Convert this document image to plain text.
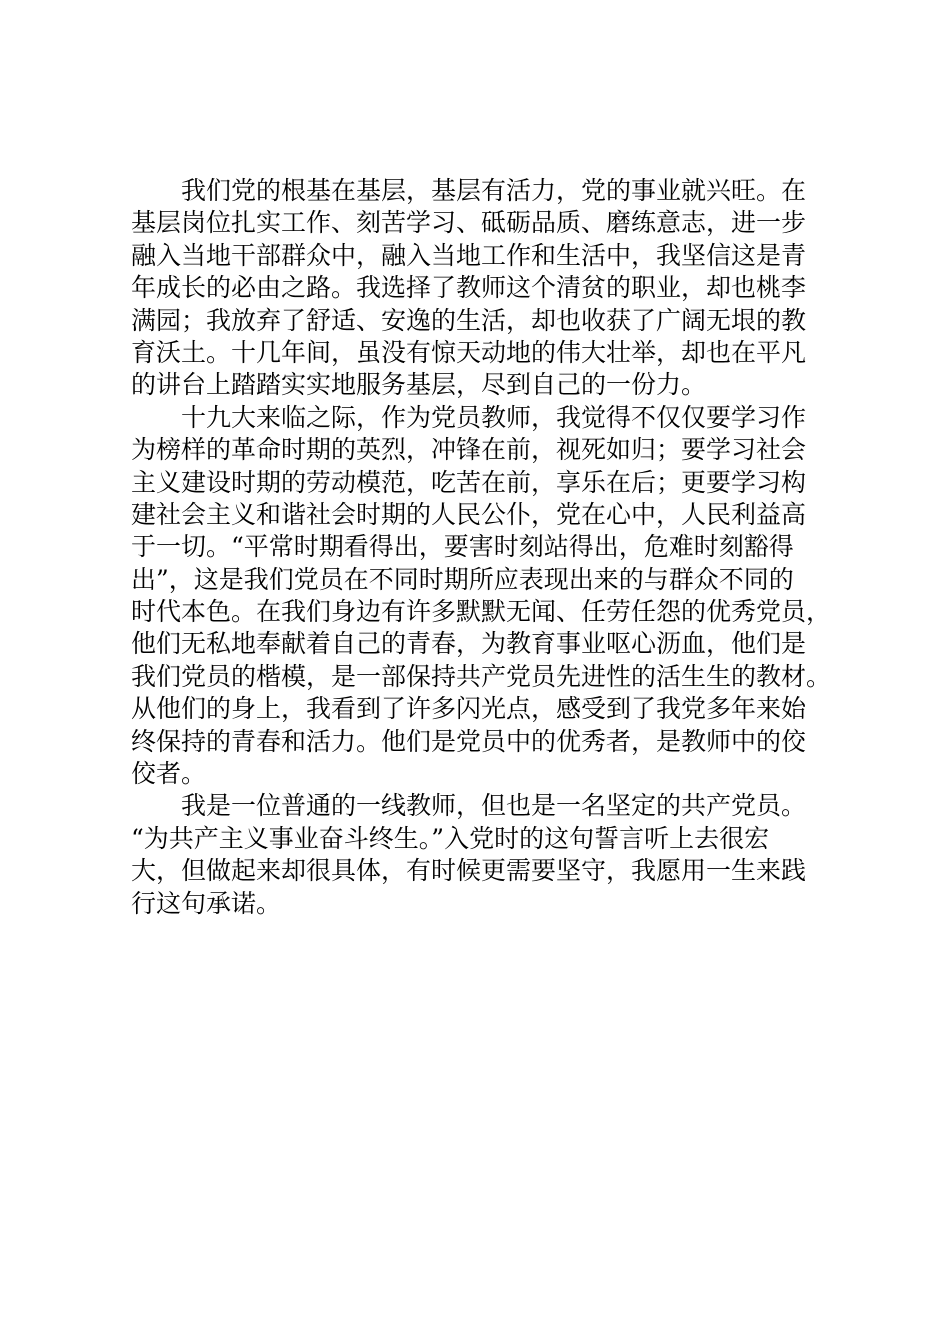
我们党的根基在基层，基层有活力，党的事业就兴旺。在
基层岗位扎实工作、刻苦学习、砥砺品质、磨练意志，进一步
融入当地干部群众中，融入当地工作和生活中，我坚信这是青
年成长的必由之路。我选择了教师这个清贫的职业，却也桃李
满园；我放弃了舒适、安逸的生活，却也收获了广阔无垠的教
育沃土。十几年间，虽没有惊天动地的伟大壮举，却也在平凡
的讲台上踏踏实实地服务基层，尽到自己的一份力。
十九大来临之际，作为党员教师，我觉得不仅仅要学习作
为榜样的革命时期的英烈，冲锋在前，视死如归；要学习社会
主义建设时期的劳动模范，吃苦在前，享乐在后；更要学习构
建社会主义和谐社会时期的人民公仆，党在心中，人民利益高
于一切。“平常时期看得出，要害时刻站得出，危难时刻豁得
出”，这是我们党员在不同时期所应表现出来的与群众不同的
时代本色。在我们身边有许多默默无闻、任劳任怨的优秀党员，
他们无私地奉献着自己的青春，为教育事业呕心沥血，他们是
我们党员的楷模，是一部保持共产党员先进性的活生生的教材。
从他们的身上，我看到了许多闪光点，感受到了我党多年来始
终保持的青春和活力。他们是党员中的优秀者，是教师中的佼
佼者。
我是一位普通的一线教师，但也是一名坚定的共产党员。
“为共产主义事业奋斗终生。”入党时的这句誓言听上去很宏
大，但做起来却很具体，有时候更需要坚守，我愿用一生来践
行这句承诺。
